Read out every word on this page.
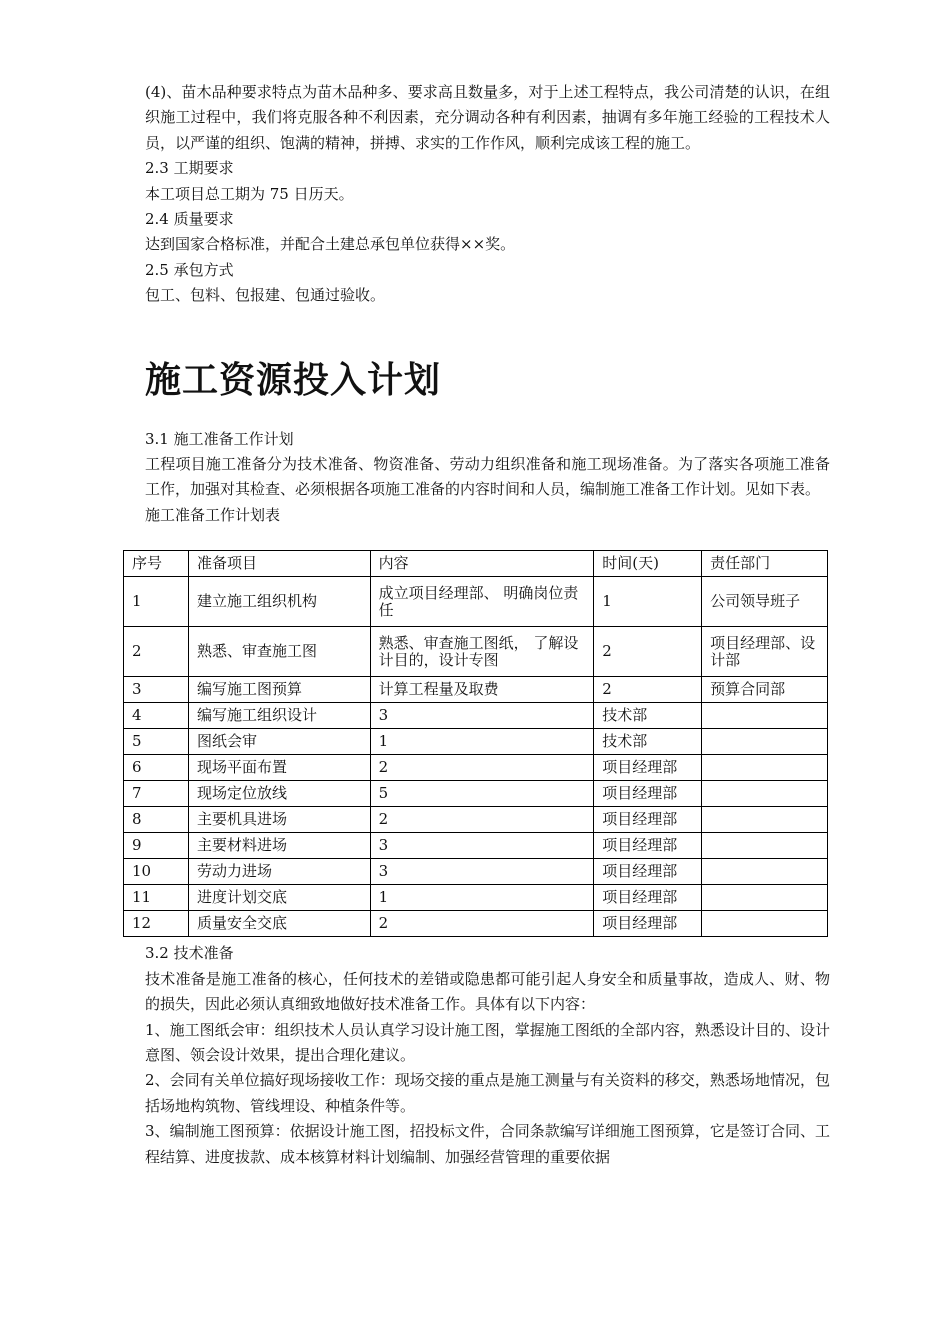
(4)、苗木品种要求特点为苗木品种多、要求高且数量多，对于上述工程特点，我公司清楚的认识，在组织施工过程中，我们将克服各种不利因素，充分调动各种有利因素，抽调有多年施工经验的工程技术人员，以严谨的组织、饱满的精神，拼搏、求实的工作作风，顺利完成该工程的施工。

2.3 工期要求

本工项目总工期为 75 日历天。

2.4 质量要求

达到国家合格标准，并配合土建总承包单位获得××奖。

2.5 承包方式

包工、包料、包报建、包通过验收。

施工资源投入计划

3.1 施工准备工作计划

工程项目施工准备分为技术准备、物资准备、劳动力组织准备和施工现场准备。为了落实各项施工准备工作，加强对其检查、必须根据各项施工准备的内容时间和人员，编制施工准备工作计划。见如下表。

施工准备工作计划表

序号	准备项目	内容	时间(天)	责任部门
1	建立施工组织机构	成立项目经理部、 明确岗位责任	1	公司领导班子
2	熟悉、审查施工图	熟悉、审查施工图纸， 了解设计目的，设计专图	2	项目经理部、设计部
3	编写施工图预算	计算工程量及取费	2	预算合同部
4	编写施工组织设计	3	技术部	
5	图纸会审	1	技术部	
6	现场平面布置	2	项目经理部	
7	现场定位放线	5	项目经理部	
8	主要机具进场	2	项目经理部	
9	主要材料进场	3	项目经理部	
10	劳动力进场	3	项目经理部	
11	进度计划交底	1	项目经理部	
12	质量安全交底	2	项目经理部	

3.2 技术准备

技术准备是施工准备的核心，任何技术的差错或隐患都可能引起人身安全和质量事故，造成人、财、物的损失，因此必须认真细致地做好技术准备工作。具体有以下内容：

1、施工图纸会审：组织技术人员认真学习设计施工图，掌握施工图纸的全部内容，熟悉设计目的、设计意图、领会设计效果，提出合理化建议。

2、会同有关单位搞好现场接收工作：现场交接的重点是施工测量与有关资料的移交，熟悉场地情况，包括场地构筑物、管线埋设、种植条件等。

3、编制施工图预算：依据设计施工图，招投标文件，合同条款编写详细施工图预算，它是签订合同、工程结算、进度拔款、成本核算材料计划编制、加强经营管理的重要依据
